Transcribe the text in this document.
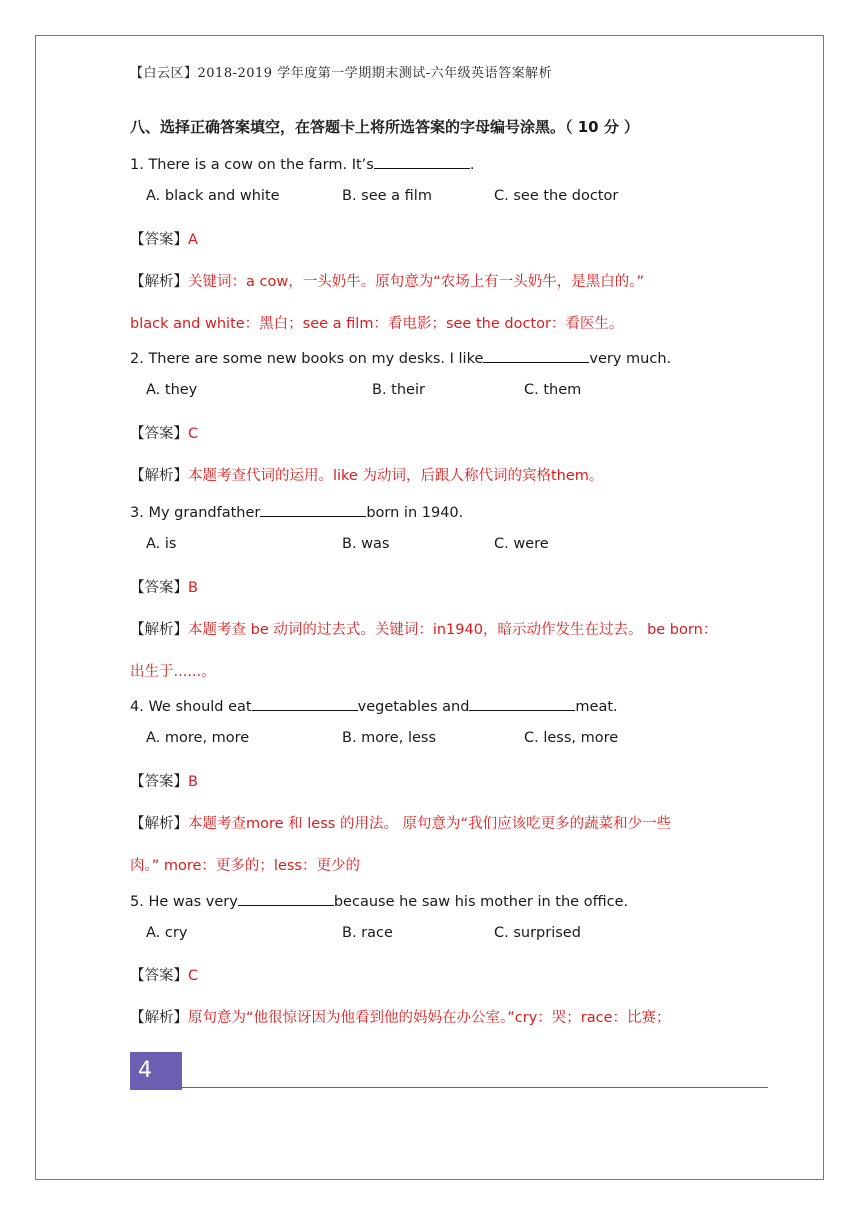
【白云区】2018-2019 学年度第一学期期末测试-六年级英语答案解析
八、选择正确答案填空，在答题卡上将所选答案的字母编号涂黑。（ 10 分 ）
1. There is a cow on the farm. It’s	.
A. black and white	B. see a film	C. see the doctor
【答案】A
【解析】关键词：a cow，一头奶牛。原句意为“农场上有一头奶牛，是黑白的。”
black and white：黑白；see a film：看电影；see the doctor：看医生。
2. There are some new books on my desks. I like	very much.
A. they	B. their	C. them
【答案】C
【解析】本题考查代词的运用。like 为动词，后跟人称代词的宾格them。
3. My grandfather	born in 1940.
A. is	B. was	C. were
【答案】B
【解析】本题考查 be 动词的过去式。关键词：in1940，暗示动作发生在过去。 be born：
出生于......。
4. We should eat	vegetables and	meat.
A. more, more	B. more, less	C. less, more
【答案】B
【解析】本题考查more 和 less 的用法。 原句意为“我们应该吃更多的蔬菜和少一些
肉。” more：更多的；less：更少的
5. He was very	because he saw his mother in the office.
A. cry	B. race	C. surprised
【答案】C
【解析】原句意为“他很惊讶因为他看到他的妈妈在办公室。”cry：哭；race：比赛；
4
